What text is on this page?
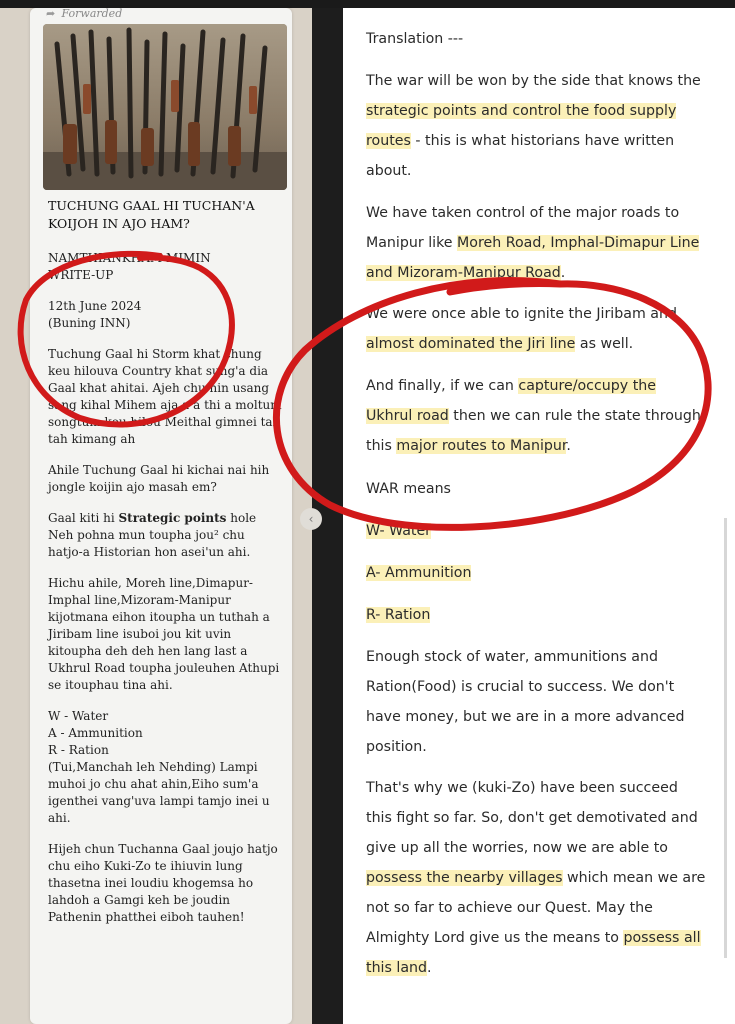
➦ Forwarded
TUCHUNG GAAL HI TUCHAN'A KOIJOH IN AJO HAM?
NAMTHIANKHAM MIMIN
WRITE-UP
12th June 2024
(Buning INN)

Tuchung Gaal hi Storm khat chung keu hilouva Country khat sung'a dia Gaal khat ahitai. Ajeh chu hin usang sang kihal Mihem aja a a thi a moltum songtum keu hilou Meithal gimnei tah tah kimang ah

Ahile Tuchung Gaal hi kichai nai hih jongle koijin ajo masah em?

Gaal kiti hi Strategic points hole Neh pohna mun toupha jou² chu hatjo-a Historian hon asei'un ahi.

Hichu ahile, Moreh line,Dimapur-Imphal line,Mizoram-Manipur kijotmana eihon itoupha un tuthah a Jiribam line isuboi jou kit uvin kitoupha deh deh hen lang last a Ukhrul Road toupha jouleuhen Athupi se itouphau tina ahi.

W - Water

A - Ammunition

R - Ration

(Tui,Manchah leh Nehding) Lampi muhoi jo chu ahat ahin,Eiho sum'a igenthei vang'uva lampi tamjo inei u ahi.

Hijeh chun Tuchanna Gaal joujo hatjo chu eiho Kuki-Zo te ihiuvin lung thasetna inei loudiu khogemsa ho lahdoh a Gamgi keh be joudin Pathenin phatthei eiboh tauhen!

‹
Translation ---
The war will be won by the side that knows the
strategic points and control the food supply
routes - this is what historians have written
about.
We have taken control of the major roads to
Manipur like Moreh Road, Imphal-Dimapur Line
and Mizoram-Manipur Road.
We were once able to ignite the Jiribam and
almost dominated the Jiri line as well.
And finally, if we can capture/occupy the
Ukhrul road then we can rule the state through
this major routes to Manipur.
WAR means
W- Water
A- Ammunition
R- Ration
Enough stock of water, ammunitions and
Ration(Food) is crucial to success. We don't
have money, but we are in a more advanced
position.
That's why we (kuki-Zo) have been succeed
this fight so far. So, don't get demotivated and
give up all the worries, now we are able to
possess the nearby villages which mean we are
not so far to achieve our Quest. May the
Almighty Lord give us the means to possess all
this land.
